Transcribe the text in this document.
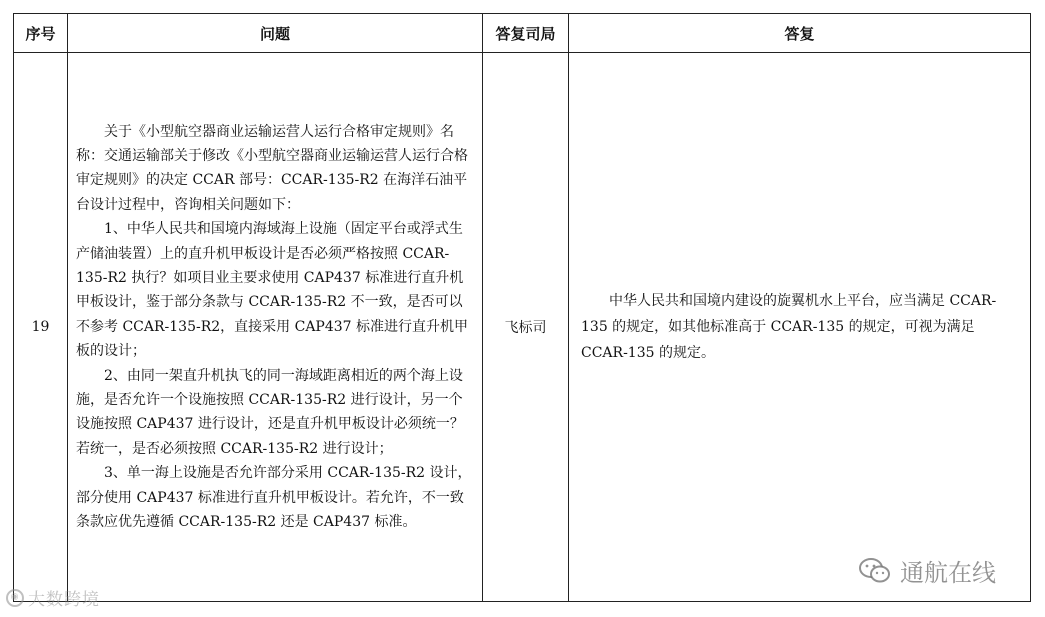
序号	问题	答复司局	答复
19	关于《小型航空器商业运输运营人运行合格审定规则》名称：交通运输部关于修改《小型航空器商业运输运营人运行合格审定规则》的决定 CCAR 部号：CCAR-135-R2 在海洋石油平台设计过程中，咨询相关问题如下：

1、中华人民共和国境内海域海上设施（固定平台或浮式生产储油装置）上的直升机甲板设计是否必须严格按照 CCAR-135-R2 执行？如项目业主要求使用 CAP437 标准进行直升机甲板设计，鉴于部分条款与 CCAR-135-R2 不一致，是否可以不参考 CCAR-135-R2，直接采用 CAP437 标准进行直升机甲板的设计；

2、由同一架直升机执飞的同一海域距离相近的两个海上设施，是否允许一个设施按照 CCAR-135-R2 进行设计，另一个设施按照 CAP437 进行设计，还是直升机甲板设计必须统一？若统一，是否必须按照 CCAR-135-R2 进行设计；

3、单一海上设施是否允许部分采用 CCAR-135-R2 设计，部分使用 CAP437 标准进行直升机甲板设计。若允许，不一致条款应优先遵循 CCAR-135-R2 还是 CAP437 标准。	飞标司	中华人民共和国境内建设的旋翼机水上平台，应当满足 CCAR-135 的规定，如其他标准高于 CCAR-135 的规定，可视为满足 CCAR-135 的规定。

◉ 大数跨境
通航在线
